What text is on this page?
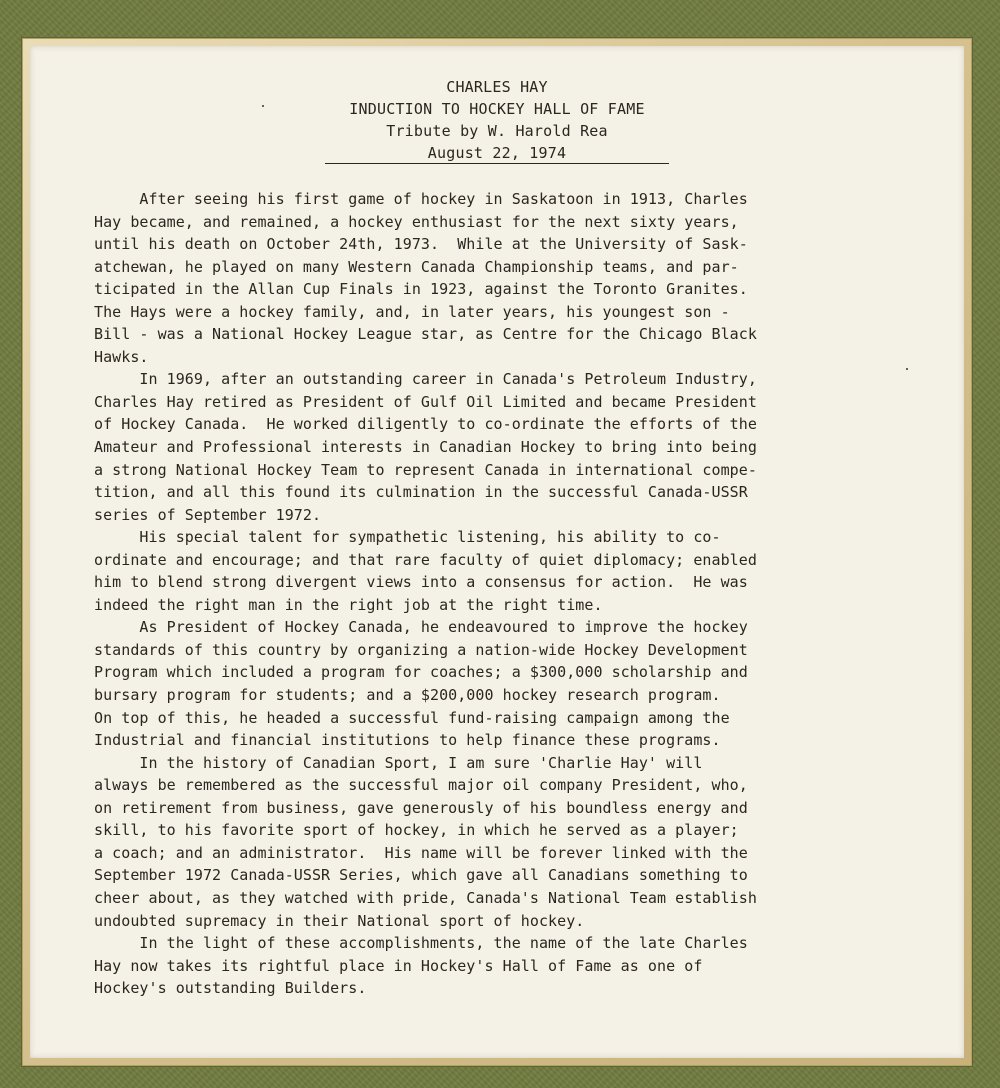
CHARLES HAY
INDUCTION TO HOCKEY HALL OF FAME
Tribute by W. Harold Rea
August 22, 1974
After seeing his first game of hockey in Saskatoon in 1913, Charles
Hay became, and remained, a hockey enthusiast for the next sixty years,
until his death on October 24th, 1973.  While at the University of Sask-
atchewan, he played on many Western Canada Championship teams, and par-
ticipated in the Allan Cup Finals in 1923, against the Toronto Granites.
The Hays were a hockey family, and, in later years, his youngest son -
Bill - was a National Hockey League star, as Centre for the Chicago Black
Hawks.
In 1969, after an outstanding career in Canada's Petroleum Industry,
Charles Hay retired as President of Gulf Oil Limited and became President
of Hockey Canada.  He worked diligently to co-ordinate the efforts of the
Amateur and Professional interests in Canadian Hockey to bring into being
a strong National Hockey Team to represent Canada in international compe-
tition, and all this found its culmination in the successful Canada-USSR
series of September 1972.
His special talent for sympathetic listening, his ability to co-
ordinate and encourage; and that rare faculty of quiet diplomacy; enabled
him to blend strong divergent views into a consensus for action.  He was
indeed the right man in the right job at the right time.
As President of Hockey Canada, he endeavoured to improve the hockey
standards of this country by organizing a nation-wide Hockey Development
Program which included a program for coaches; a $300,000 scholarship and
bursary program for students; and a $200,000 hockey research program.
On top of this, he headed a successful fund-raising campaign among the
Industrial and financial institutions to help finance these programs.
In the history of Canadian Sport, I am sure 'Charlie Hay' will
always be remembered as the successful major oil company President, who,
on retirement from business, gave generously of his boundless energy and
skill, to his favorite sport of hockey, in which he served as a player;
a coach; and an administrator.  His name will be forever linked with the
September 1972 Canada-USSR Series, which gave all Canadians something to
cheer about, as they watched with pride, Canada's National Team establish
undoubted supremacy in their National sport of hockey.
In the light of these accomplishments, the name of the late Charles
Hay now takes its rightful place in Hockey's Hall of Fame as one of
Hockey's outstanding Builders.
